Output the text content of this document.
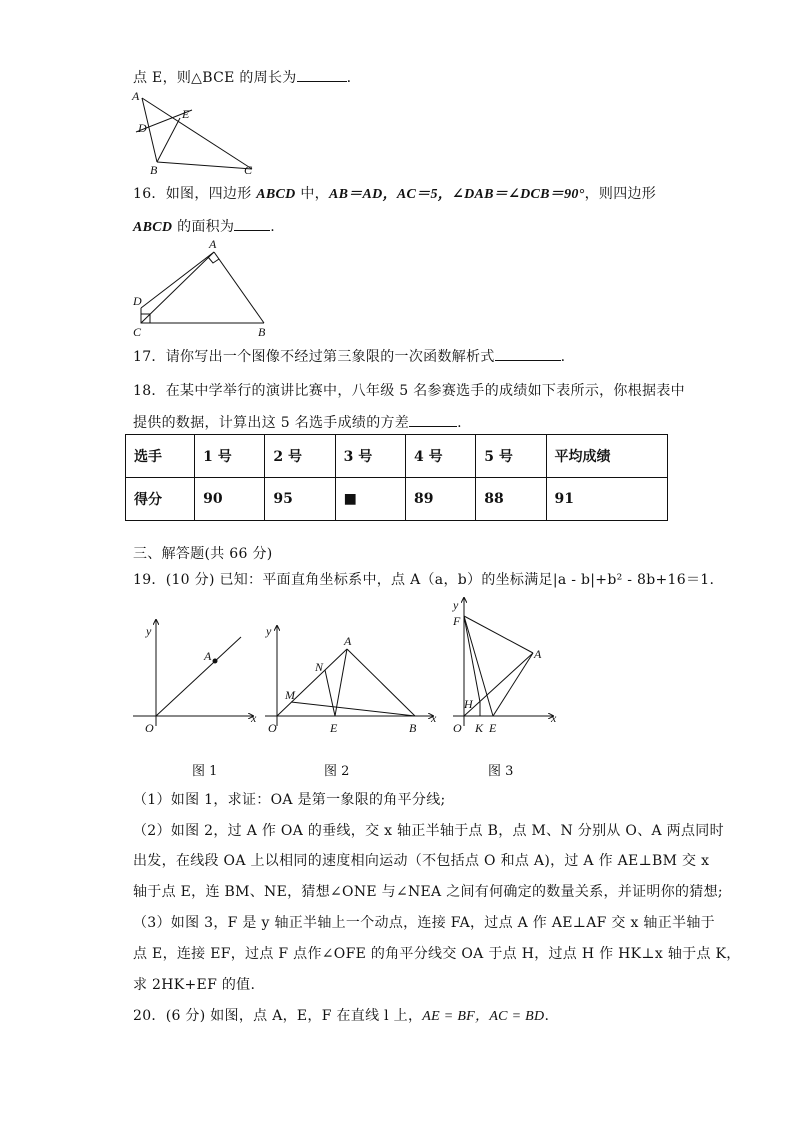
点 E，则△BCE 的周长为	.
A
D
E
B	C
16．如图，四边形 ABCD 中，AB＝AD，AC＝5，∠DAB＝∠DCB＝90°，则四边形
ABCD 的面积为	.
A
D
C	B
17．请你写出一个图像不经过第三象限的一次函数解析式	.
18．在某中学举行的演讲比赛中，八年级 5 名参赛选手的成绩如下表所示，你根据表中
提供的数据，计算出这 5 名选手成绩的方差	.
选手	1 号	2 号	3 号	4 号	5 号	平均成绩
得分	90	95	■	89	88	91
三、解答题(共 66 分)
19．(10 分) 已知：平面直角坐标系中，点 A（a，b）的坐标满足|a - b|+b² - 8b+16＝1.
y
A
O
x
y
A
N
M
O	E	B
x
y
F
A
H
O K E
x
图 1	图 2	图 3
（1）如图 1，求证：OA 是第一象限的角平分线;
（2）如图 2，过 A 作 OA 的垂线，交 x 轴正半轴于点 B，点 M、N 分别从 O、A 两点同时
出发，在线段 OA 上以相同的速度相向运动（不包括点 O 和点 A)，过 A 作 AE⊥BM 交 x
轴于点 E，连 BM、NE，猜想∠ONE 与∠NEA 之间有何确定的数量关系，并证明你的猜想;
（3）如图 3，F 是 y 轴正半轴上一个动点，连接 FA，过点 A 作 AE⊥AF 交 x 轴正半轴于
点 E，连接 EF，过点 F 点作∠OFE 的角平分线交 OA 于点 H，过点 H 作 HK⊥x 轴于点 K，
求 2HK+EF 的值.
20．(6 分) 如图，点 A，E，F 在直线 l 上，AE = BF，AC = BD.
